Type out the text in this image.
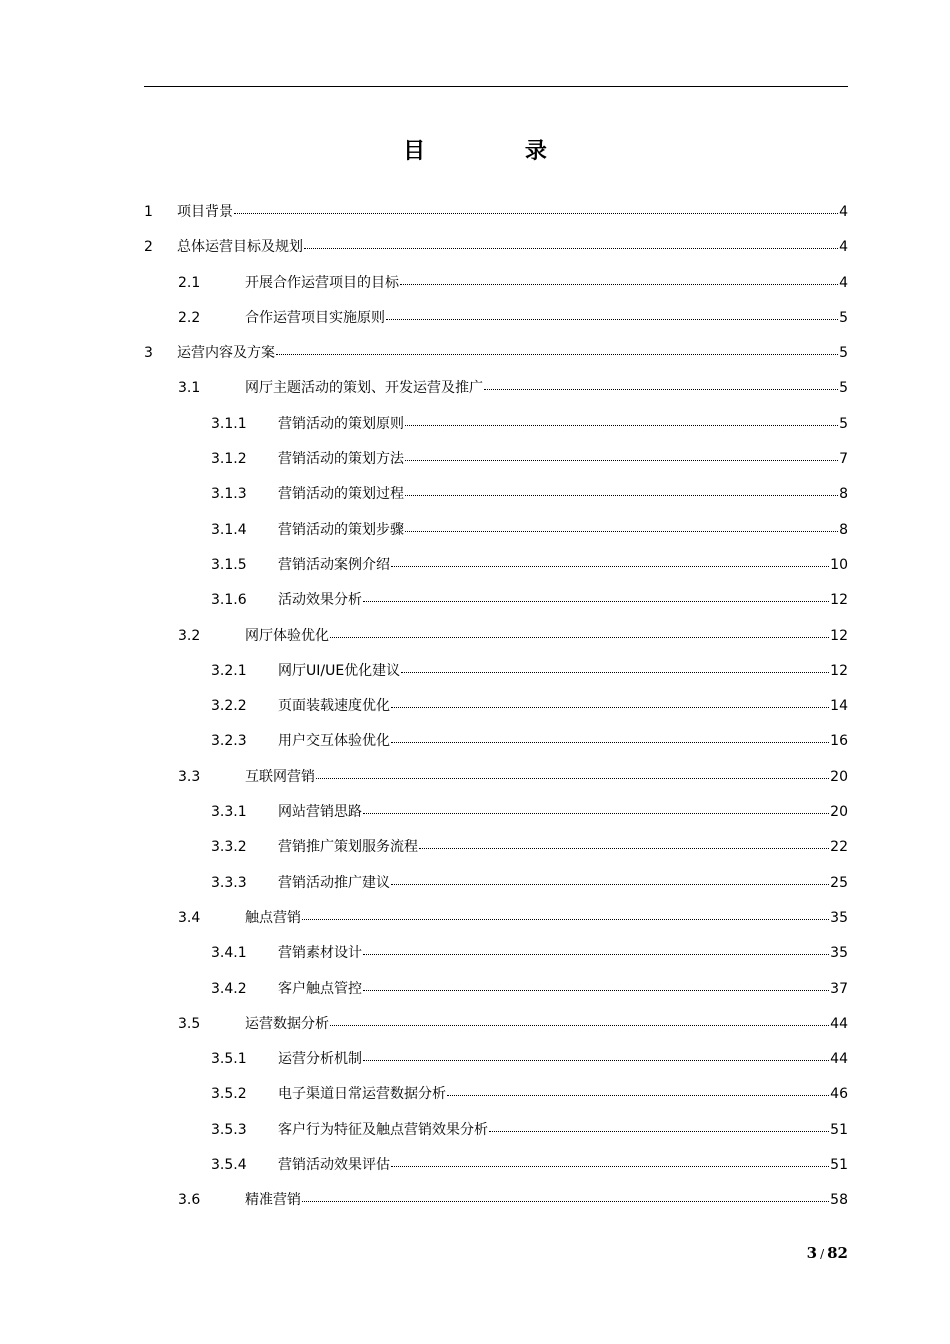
目 录
1 项目背景	4
2 总体运营目标及规划	4
2.1	开展合作运营项目的目标	4
2.2	合作运营项目实施原则	5
3 运营内容及方案	5
3.1	网厅主题活动的策划、开发运营及推广	5
3.1.1 营销活动的策划原则	5
3.1.2 营销活动的策划方法	7
3.1.3 营销活动的策划过程	8
3.1.4 营销活动的策划步骤	8
3.1.5 营销活动案例介绍	10
3.1.6 活动效果分析	12
3.2	网厅体验优化	12
3.2.1 网厅UI/UE优化建议	12
3.2.2 页面装载速度优化	14
3.2.3 用户交互体验优化	16
3.3	互联网营销	20
3.3.1 网站营销思路	20
3.3.2 营销推广策划服务流程	22
3.3.3 营销活动推广建议	25
3.4	触点营销	35
3.4.1 营销素材设计	35
3.4.2 客户触点管控	37
3.5	运营数据分析	44
3.5.1 运营分析机制	44
3.5.2 电子渠道日常运营数据分析	46
3.5.3 客户行为特征及触点营销效果分析	51
3.5.4 营销活动效果评估	51
3.6	精准营销	58
3 / 82
